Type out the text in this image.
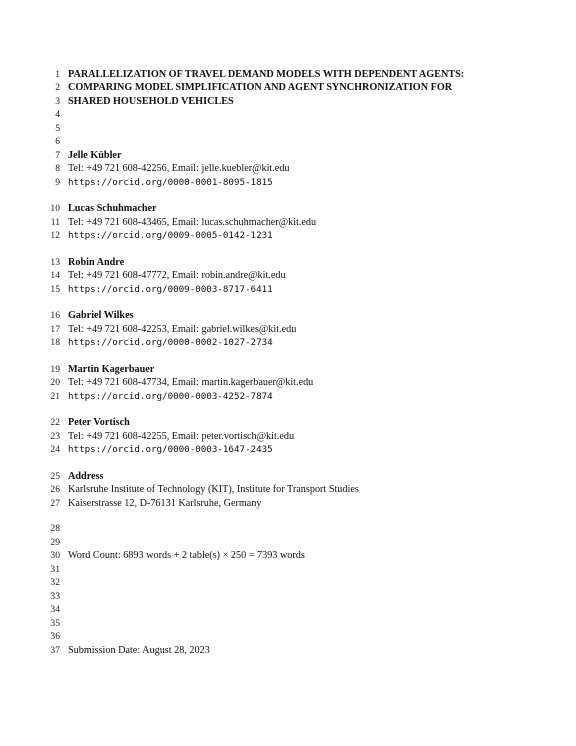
1 PARALLELIZATION OF TRAVEL DEMAND MODELS WITH DEPENDENT AGENTS:
2 COMPARING MODEL SIMPLIFICATION AND AGENT SYNCHRONIZATION FOR
3 SHARED HOUSEHOLD VEHICLES
4
5
6
7 Jelle Kübler
8 Tel: +49 721 608-42256, Email: jelle.kuebler@kit.edu
9 https://orcid.org/0000-0001-8095-1815
10 Lucas Schuhmacher
11 Tel: +49 721 608-43465, Email: lucas.schuhmacher@kit.edu
12 https://orcid.org/0009-0005-0142-1231
13 Robin Andre
14 Tel: +49 721 608-47772, Email: robin.andre@kit.edu
15 https://orcid.org/0009-0003-8717-6411
16 Gabriel Wilkes
17 Tel: +49 721 608-42253, Email: gabriel.wilkes@kit.edu
18 https://orcid.org/0000-0002-1027-2734
19 Martin Kagerbauer
20 Tel: +49 721 608-47734, Email: martin.kagerbauer@kit.edu
21 https://orcid.org/0000-0003-4252-7874
22 Peter Vortisch
23 Tel: +49 721 608-42255, Email: peter.vortisch@kit.edu
24 https://orcid.org/0000-0003-1647-2435
25 Address
26 Karlsruhe Institute of Technology (KIT), Institute for Transport Studies
27 Kaiserstrasse 12, D-76131 Karlsruhe, Germany
28
29
30 Word Count: 6893 words + 2 table(s) × 250 = 7393 words
31
32
33
34
35
36
37 Submission Date: August 28, 2023
